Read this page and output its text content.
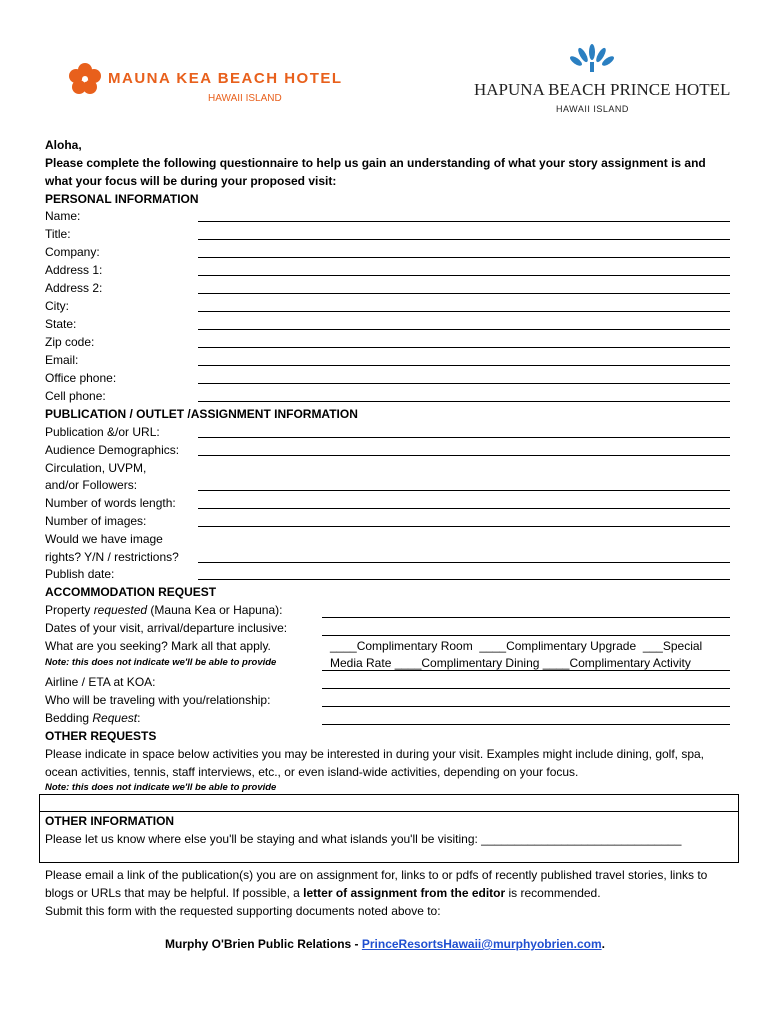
MAUNA KEA BEACH HOTEL
HAWAII ISLAND	HAPUNA BEACH PRINCE HOTEL
HAWAII ISLAND
Aloha,
Please complete the following questionnaire to help us gain an understanding of what your story assignment is and what your focus will be during your proposed visit:
PERSONAL INFORMATION
Name:
Title:
Company:
Address 1:
Address 2:
City:
State:
Zip code:
Email:
Office phone:
Cell phone:
PUBLICATION / OUTLET /ASSIGNMENT INFORMATION
Publication &/or URL:
Audience Demographics:
Circulation, UVPM,
and/or Followers:
Number of words length:
Number of images:
Would we have image
rights? Y/N / restrictions?
Publish date:
ACCOMMODATION REQUEST
Property requested (Mauna Kea or Hapuna):
Dates of your visit, arrival/departure inclusive:
What are you seeking? Mark all that apply.
Note: this does not indicate we'll be able to provide
____Complimentary Room  ____Complimentary Upgrade  ___Special
Media Rate ____Complimentary Dining ____Complimentary Activity
Airline / ETA at KOA:
Who will be traveling with you/relationship:
Bedding Request:
OTHER REQUESTS
Please indicate in space below activities you may be interested in during your visit. Examples might include dining, golf, spa, ocean activities, tennis, staff interviews, etc., or even island-wide activities, depending on your focus.
Note: this does not indicate we'll be able to provide
OTHER INFORMATION
Please let us know where else you'll be staying and what islands you'll be visiting: ______________________________
Please email a link of the publication(s) you are on assignment for, links to or pdfs of recently published travel stories, links to blogs or URLs that may be helpful. If possible, a letter of assignment from the editor is recommended.
Submit this form with the requested supporting documents noted above to:
Murphy O'Brien Public Relations - PrinceResortsHawaii@murphyobrien.com.
